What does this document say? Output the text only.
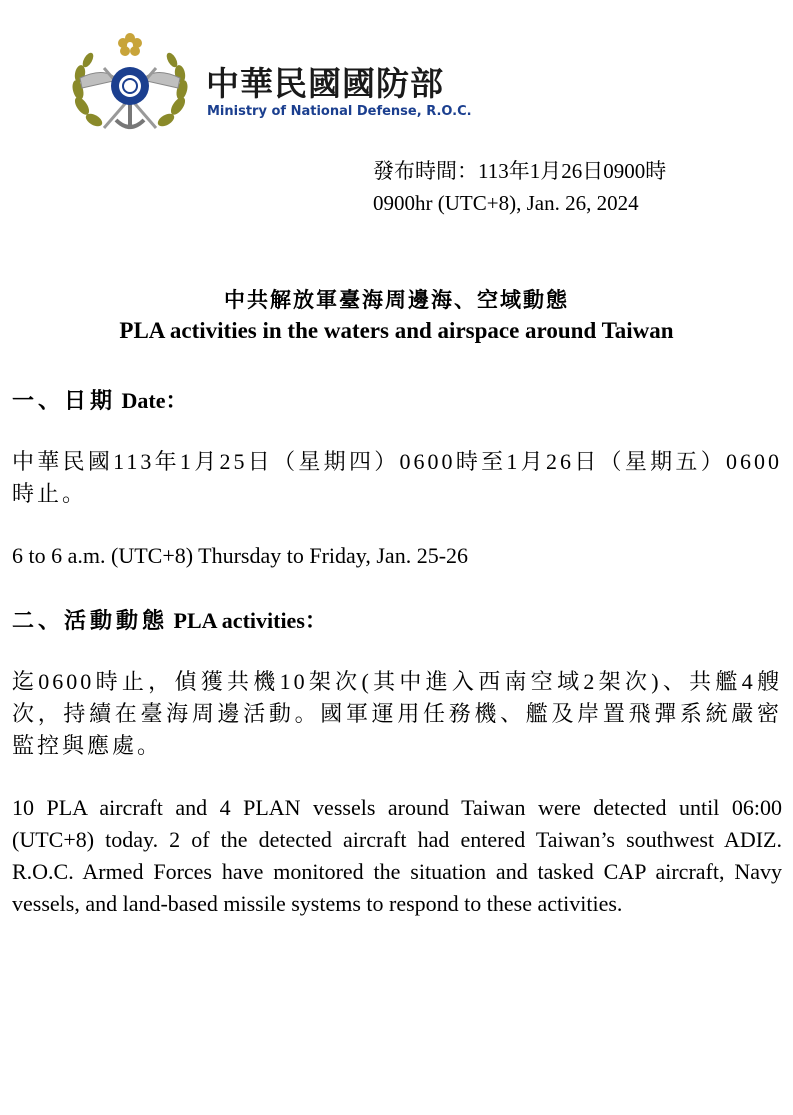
中華民國國防部
Ministry of National Defense, R.O.C.
發布時間：113年1月26日0900時
0900hr (UTC+8), Jan. 26, 2024
中共解放軍臺海周邊海、空域動態
PLA activities in the waters and airspace around Taiwan
一、日期 Date：
中華民國113年1月25日（星期四）0600時至1月26日（星期五）0600時止。
6 to 6 a.m. (UTC+8) Thursday to Friday, Jan. 25-26
二、活動動態 PLA activities：
迄0600時止，偵獲共機10架次(其中進入西南空域2架次)、共艦4艘次，持續在臺海周邊活動。國軍運用任務機、艦及岸置飛彈系統嚴密監控與應處。
10 PLA aircraft and 4 PLAN vessels around Taiwan were detected until 06:00 (UTC+8) today. 2 of the detected aircraft had entered Taiwan’s southwest ADIZ. R.O.C. Armed Forces have monitored the situation and tasked CAP aircraft, Navy vessels, and land-based missile systems to respond to these activities.
